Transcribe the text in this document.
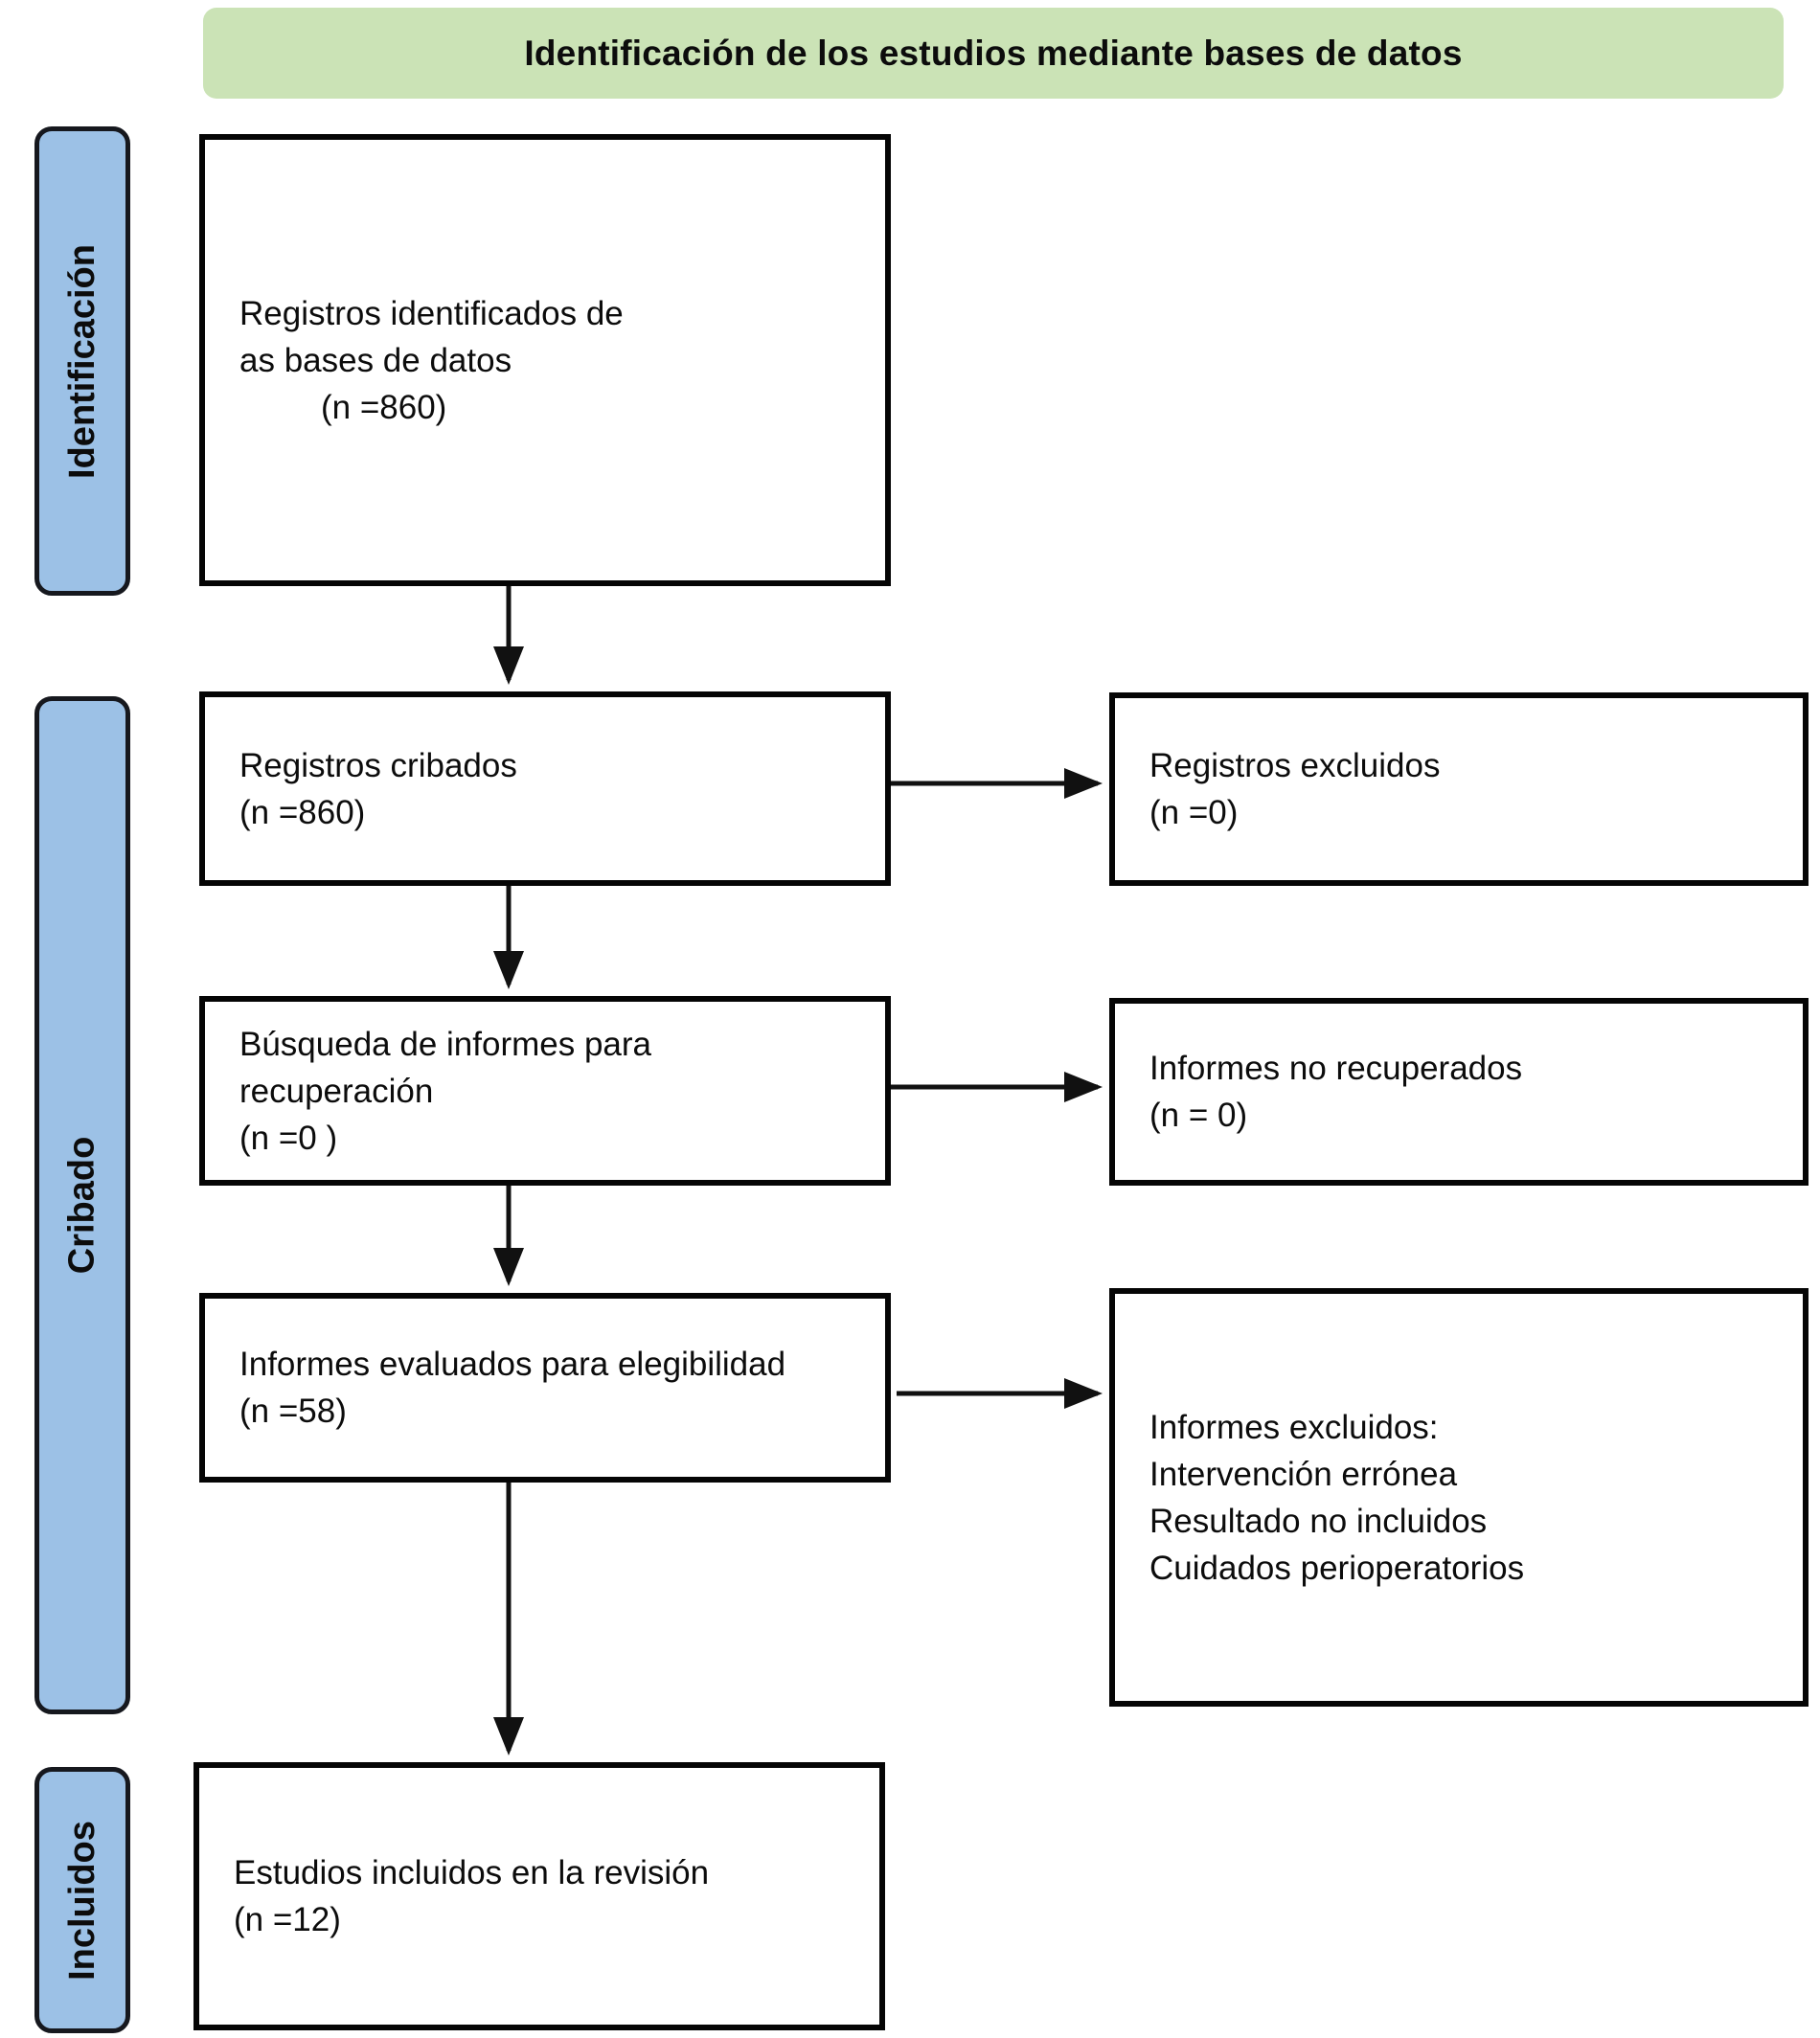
Identificación de los estudios mediante bases de datos
Identificación
Cribado
Incluidos
Registros identificados de
as bases de datos
(n =860)
Registros cribados
(n =860)
Búsqueda de informes para
recuperación
(n =0 )
Informes evaluados para elegibilidad
(n =58)
Estudios incluidos en la revisión
(n =12)
Registros excluidos
(n =0)
Informes no recuperados
(n = 0)
Informes excluidos:
Intervención errónea
Resultado no incluidos
Cuidados perioperatorios
